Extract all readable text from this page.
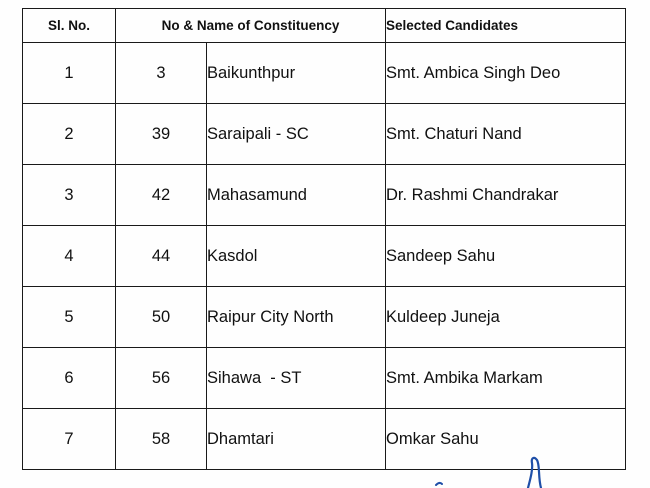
Sl. No.	No & Name of Constituency		Selected Candidates
1	3	Baikunthpur	Smt. Ambica Singh Deo
2	39	Saraipali - SC	Smt. Chaturi Nand
3	42	Mahasamund	Dr. Rashmi Chandrakar
4	44	Kasdol	Sandeep Sahu
5	50	Raipur City North	Kuldeep Juneja
6	56	Sihawa  - ST	Smt. Ambika Markam
7	58	Dhamtari	Omkar Sahu
